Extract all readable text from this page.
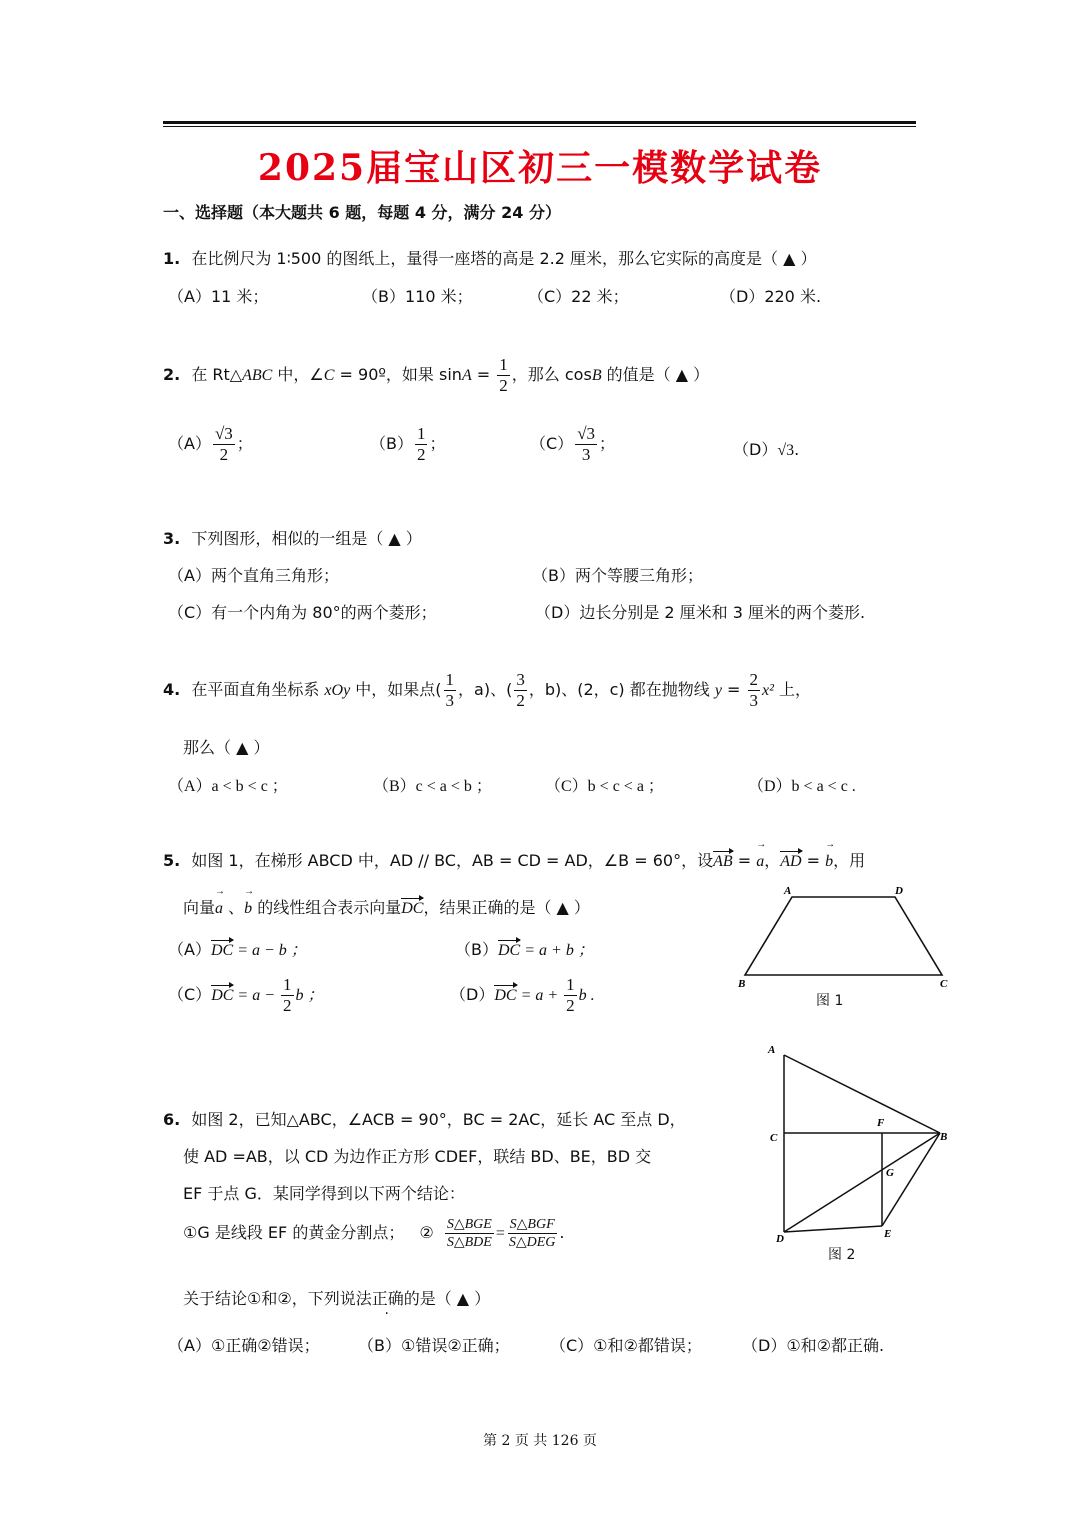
2025届宝山区初三一模数学试卷
一、选择题（本大题共 6 题，每题 4 分，满分 24 分）
1. 在比例尺为 1∶500 的图纸上，量得一座塔的高是 2.2 厘米，那么它实际的高度是（ ▲ ）
（A）11 米；	（B）110 米；	（C）22 米；	（D）220 米.
2. 在 Rt△ABC 中，∠C = 90º，如果 $\sin A = \frac{1}{2}$ ，那么 cosB 的值是（ ▲ ）
$(A) \frac{√3}{2}$ ；	$(B) \frac{1}{2}$ ；	$(C) \frac{√3}{3}$ ；	（D）√3.
3. 下列图形，相似的一组是（ ▲ ）
（A）两个直角三角形；	（B）两个等腰三角形；
（C）有一个内角为 80°的两个菱形；	（D）边长分别是 2 厘米和 3 厘米的两个菱形.
4. 在平面直角坐标系 xOy 中，如果点( $\frac{1}{3}$ ，a)、( $\frac{3}{2}$ ，b)、(2，c) 都在抛物线 $y = \frac{2}{3} x^2$ 上，
那么（ ▲ ）
（A）a < b < c ；	（B）c < a < b ；	（C）b < c < a ；	（D）b < a < c .
5. 如图 1，在梯形 ABCD 中，AD // BC，AB = CD = AD，∠B = 60°，设AB = → a，AD = → b，用
向量→ a 、→ b 的线性组合表示向量DC，结果正确的是（ ▲ ）
（A）DC = a − b ；	（B）DC = a + b ；
$(C)DC = a - \frac{1}{2}$ b ；	$(D)DC = a + \frac{1}{2}$ b .
A	D
B	C
图 1
A
F
C	B
G
D	E
图 2
6. 如图 2，已知△ABC，∠ACB = 90°，BC = 2AC，延长 AC 至点 D，
使 AD =AB，以 CD 为边作正方形 CDEF，联结 BD、BE，BD 交
EF 于点 G．某同学得到以下两个结论：
①G 是线段 EF 的黄金分割点； ② $\frac{\text{S△BGE}}{\text{S△BDE}} = \frac{\text{S△BGF}}{\text{S△DEG}}$ .
关于结论①和②，下列说法正确的是（ ▲ ）
（A）①正确②错误； （B）①错误②正确；	（C）①和②都错误；	（D）①和②都正确.
第 2 页 共 126 页
